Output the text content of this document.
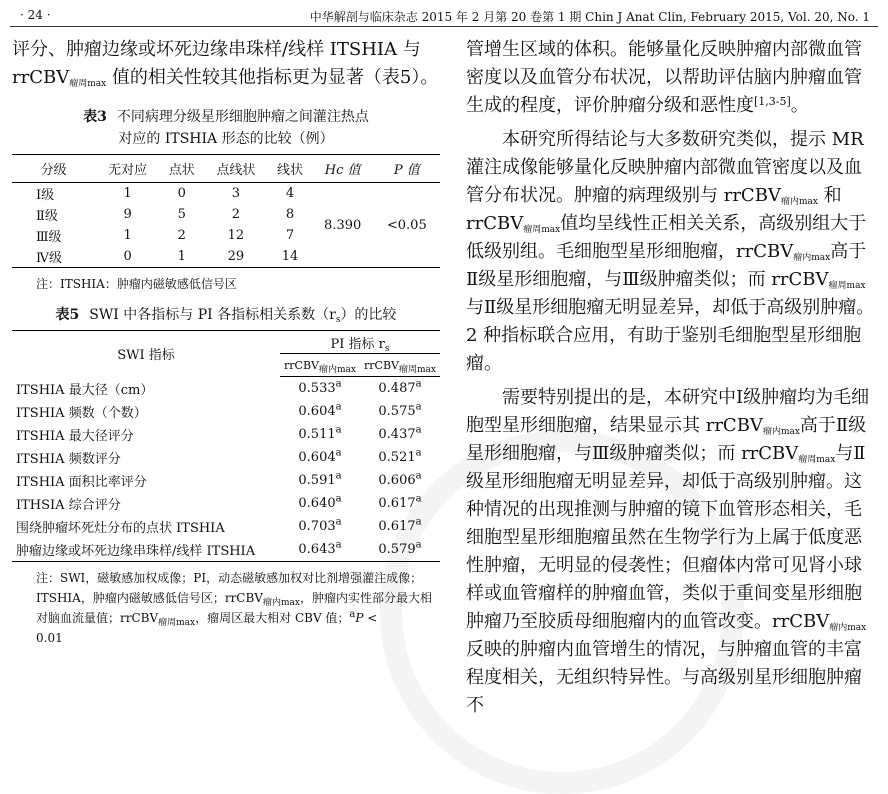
· 24 ·	中华解剖与临床杂志 2015 年 2 月第 20 卷第 1 期 Chin J Anat Clin, February 2015, Vol. 20, No. 1

评分、肿瘤边缘或坏死边缘串珠样/线样 ITSHIA 与 rrCBV$_{瘤周max}$ 值的相关性较其他指标更为显著（表5）。

表3 不同病理分级星形细胞肿瘤之间灌注热点
对应的 ITSHIA 形态的比较（例）
分级	无对应	点状	点线状	线状	Hc 值	P 值
Ⅰ级	1	0	3	4	8.390	<0.05
Ⅱ级	9	5	2	8		
Ⅲ级	1	2	12	7		
Ⅳ级	0	1	29	14		
注：ITSHIA：肿瘤内磁敏感低信号区
表5 SWI 中各指标与 PI 各指标相关系数$(r_s)$的比较
SWI 指标	PI 指标 $r_s$
	rrCBV$_{瘤内max}$	rrCBV$_{瘤周max}$
ITSHIA 最大径（cm）	0.533$^a$	0.487$^a$
ITSHIA 频数（个数）	0.604$^a$	0.575$^a$
ITSHIA 最大径评分	0.511$^a$	0.437$^a$
ITSHIA 频数评分	0.604$^a$	0.521$^a$
ITSHIA 面积比率评分	0.591$^a$	0.606$^a$
ITHSIA 综合评分	0.640$^a$	0.617$^a$
围绕肿瘤坏死灶分布的点状 ITSHIA	0.703$^a$	0.617$^a$
肿瘤边缘或坏死边缘串珠样/线样 ITSHIA	0.643$^a$	0.579$^a$
注：SWI，磁敏感加权成像；PI，动态磁敏感加权对比剂增强灌注成像；ITSHIA，肿瘤内磁敏感低信号区；rrCBV$_{瘤内max}$，肿瘤内实性部分最大相对脑血流量值；rrCBV$_{瘤周max}$，瘤周区最大相对 CBV 值；$^a$P <
0.01

管增生区域的体积。能够量化反映肿瘤内部微血管密度以及血管分布状况，以帮助评估脑内肿瘤血管生成的程度，评价肿瘤分级和恶性度[1,3-5]。

本研究所得结论与大多数研究类似，提示 MR 灌注成像能够量化反映肿瘤内部微血管密度以及血管分布状况。肿瘤的病理级别与 rrCBV$_{瘤内max}$ 和 rrCBV$_{瘤周max}$值均呈线性正相关关系，高级别组大于低级别组。毛细胞型星形细胞瘤，rrCBV$_{瘤内max}$高于Ⅱ级星形细胞瘤，与Ⅲ级肿瘤类似；而 rrCBV$_{瘤周max}$与Ⅱ级星形细胞瘤无明显差异，却低于高级别肿瘤。2 种指标联合应用，有助于鉴别毛细胞型星形细胞瘤。

需要特别提出的是，本研究中Ⅰ级肿瘤均为毛细胞型星形细胞瘤，结果显示其 rrCBV$_{瘤内max}$高于Ⅱ级星形细胞瘤，与Ⅲ级肿瘤类似；而 rrCBV$_{瘤周max}$与Ⅱ级星形细胞瘤无明显差异，却低于高级别肿瘤。这种情况的出现推测与肿瘤的镜下血管形态相关，毛细胞型星形细胞瘤虽然在生物学行为上属于低度恶性肿瘤，无明显的侵袭性；但瘤体内常可见肾小球样或血管瘤样的肿瘤血管，类似于重间变星形细胞肿瘤乃至胶质母细胞瘤内的血管改变。rrCBV$_{瘤内max}$反映的肿瘤内血管增生的情况，与肿瘤血管的丰富程度相关，无组织特异性。与高级别星形细胞肿瘤不
